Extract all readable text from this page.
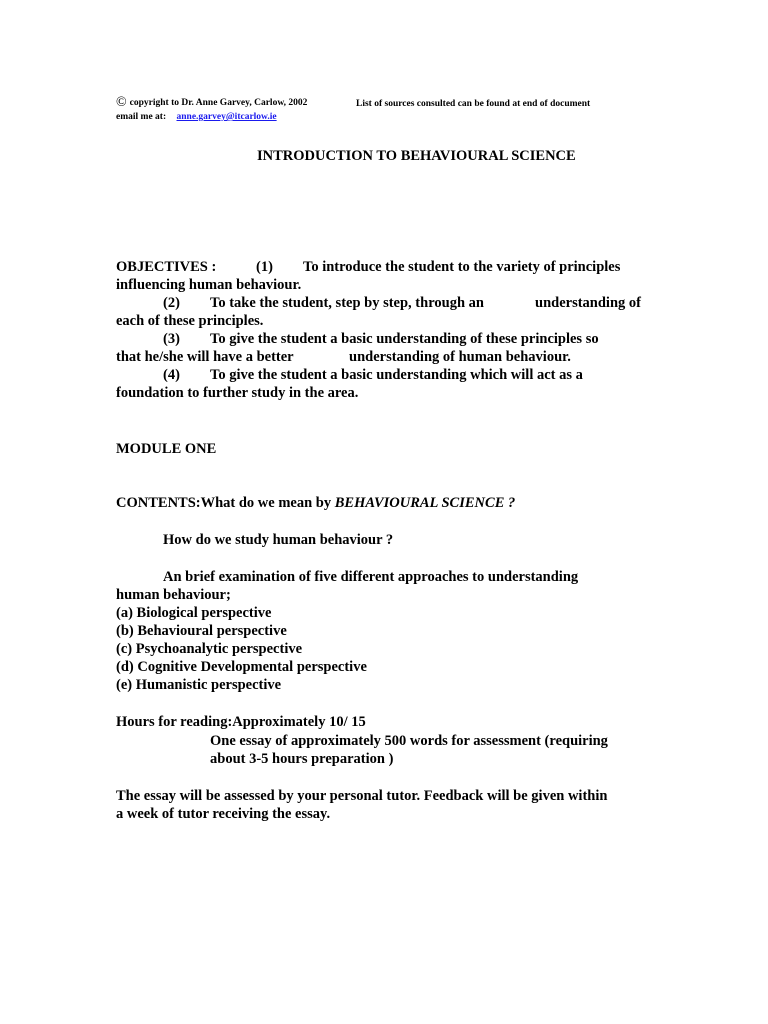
© copyright to Dr. Anne Garvey, Carlow, 2002	List of sources consulted can be found at end of document
email me at: anne.garvey@itcarlow.ie
INTRODUCTION TO BEHAVIOURAL SCIENCE
OBJECTIVES :	(1) To introduce the student to the variety of principles
influencing human behaviour.
(2) To take the student, step by step, through an	understanding of
each of these principles.
(3) To give the student a basic understanding of these principles so
that he/she will have a better	understanding of human behaviour.
(4) To give the student a basic understanding which will act as a
foundation to further study in the area.
MODULE ONE
CONTENTS:What do we mean by BEHAVIOURAL SCIENCE ?
How do we study human behaviour ?
An brief examination of five different approaches to understanding
human behaviour;
(a) Biological perspective
(b) Behavioural perspective
(c) Psychoanalytic perspective
(d) Cognitive Developmental perspective
(e) Humanistic perspective
Hours for reading:Approximately 10/ 15
One essay of approximately 500 words for assessment (requiring
about 3-5 hours preparation )
The essay will be assessed by your personal tutor. Feedback will be given within
a week of tutor receiving the essay.
